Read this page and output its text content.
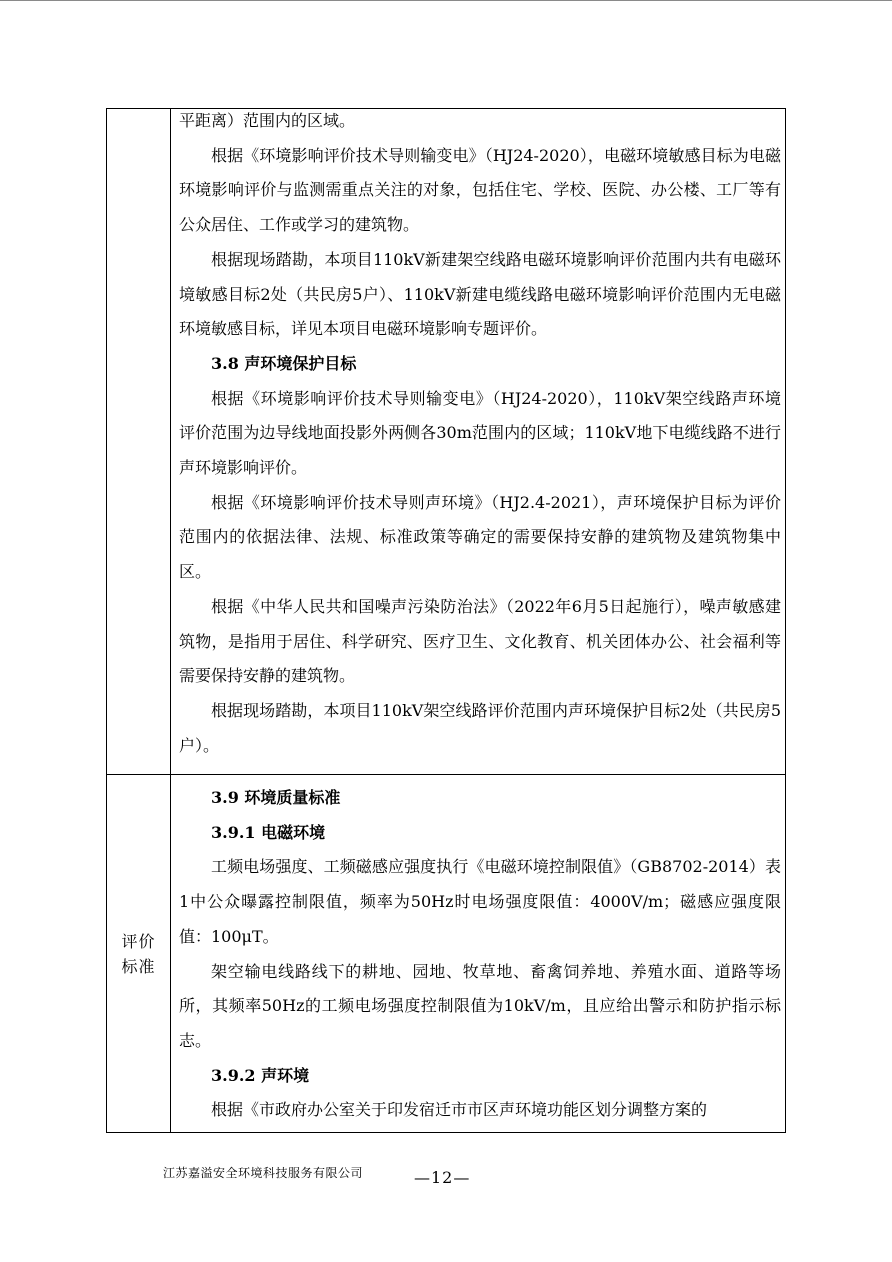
平距离）范围内的区域。

根据《环境影响评价技术导则输变电》（HJ24-2020），电磁环境敏感目标为电磁环境影响评价与监测需重点关注的对象，包括住宅、学校、医院、办公楼、工厂等有公众居住、工作或学习的建筑物。

根据现场踏勘，本项目110kV新建架空线路电磁环境影响评价范围内共有电磁环境敏感目标2处（共民房5户）、110kV新建电缆线路电磁环境影响评价范围内无电磁环境敏感目标，详见本项目电磁环境影响专题评价。

3.8 声环境保护目标

根据《环境影响评价技术导则输变电》（HJ24-2020），110kV架空线路声环境评价范围为边导线地面投影外两侧各30m范围内的区域；110kV地下电缆线路不进行声环境影响评价。

根据《环境影响评价技术导则声环境》（HJ2.4-2021），声环境保护目标为评价范围内的依据法律、法规、标准政策等确定的需要保持安静的建筑物及建筑物集中区。

根据《中华人民共和国噪声污染防治法》（2022年6月5日起施行），噪声敏感建筑物，是指用于居住、科学研究、医疗卫生、文化教育、机关团体办公、社会福利等需要保持安静的建筑物。

根据现场踏勘，本项目110kV架空线路评价范围内声环境保护目标2处（共民房5户）。

评价标准

3.9 环境质量标准

3.9.1 电磁环境

工频电场强度、工频磁感应强度执行《电磁环境控制限值》（GB8702-2014）表1中公众曝露控制限值，频率为50Hz时电场强度限值：4000V/m；磁感应强度限值：100μT。

架空输电线路线下的耕地、园地、牧草地、畜禽饲养地、养殖水面、道路等场所，其频率50Hz的工频电场强度控制限值为10kV/m，且应给出警示和防护指示标志。

3.9.2 声环境

根据《市政府办公室关于印发宿迁市市区声环境功能区划分调整方案的

江苏嘉溢安全环境科技服务有限公司	—12—
